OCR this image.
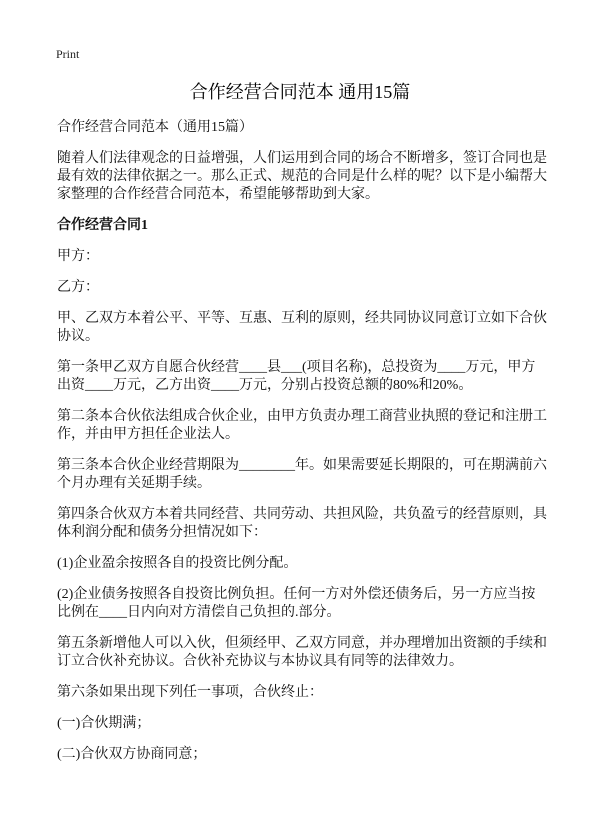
Print
合作经营合同范本 通用15篇

合作经营合同范本（通用15篇）

随着人们法律观念的日益增强，人们运用到合同的场合不断增多，签订合同也是最有效的法律依据之一。那么正式、规范的合同是什么样的呢？以下是小编帮大家整理的合作经营合同范本，希望能够帮助到大家。

合作经营合同1

甲方：

乙方：

甲、乙双方本着公平、平等、互惠、互利的原则，经共同协议同意订立如下合伙协议。

第一条甲乙双方自愿合伙经营____县___(项目名称)，总投资为____万元，甲方出资____万元，乙方出资____万元，分别占投资总额的80%和20%。

第二条本合伙依法组成合伙企业，由甲方负责办理工商营业执照的登记和注册工作，并由甲方担任企业法人。

第三条本合伙企业经营期限为________年。如果需要延长期限的，可在期满前六个月办理有关延期手续。

第四条合伙双方本着共同经营、共同劳动、共担风险，共负盈亏的经营原则，具体利润分配和债务分担情况如下：

(1)企业盈余按照各自的投资比例分配。

(2)企业债务按照各自投资比例负担。任何一方对外偿还债务后，另一方应当按比例在____日内向对方清偿自己负担的.部分。

第五条新增他人可以入伙，但须经甲、乙双方同意，并办理增加出资额的手续和订立合伙补充协议。合伙补充协议与本协议具有同等的法律效力。

第六条如果出现下列任一事项，合伙终止：

(一)合伙期满；

(二)合伙双方协商同意；
